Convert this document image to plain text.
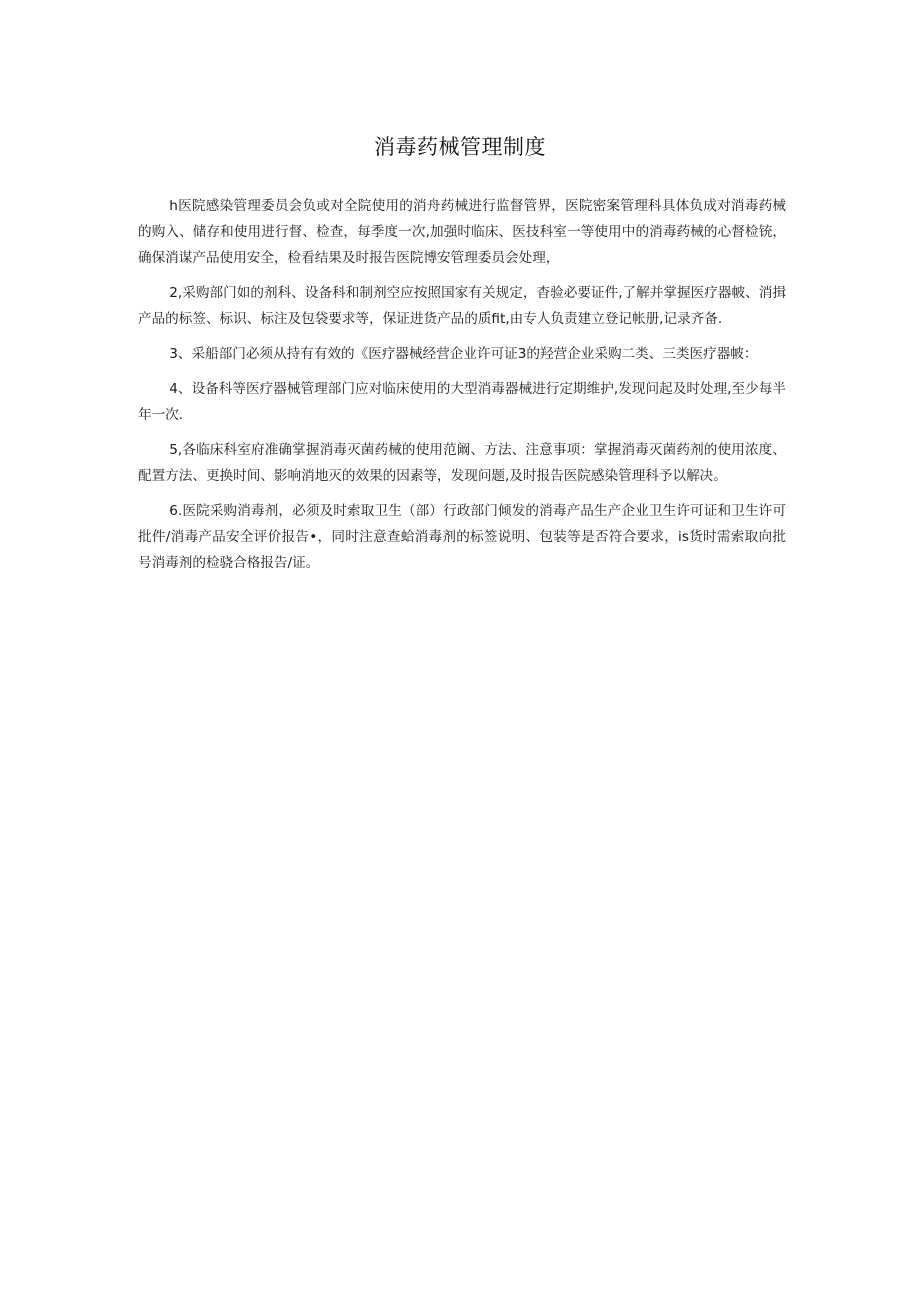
消毒药械管理制度

h医院感染管理委员会负或对全院使用的消舟药械进行监督管界，医院密案管理科具体负成对消毒药械的购入、储存和使用进行督、检查，每季度一次,加强时临床、医技科室一等使用中的消毒药械的心督检铳，确保消谋产品使用安全，检看结果及时报告医院博安管理委员会处理，

2,采购部门如的剂科、设备科和制剂空应按照国家有关规定，杳验必要证件,了解并掌握医疗器帔、消揖产品的标签、标识、标注及包袋要求等，保证进货产品的质fit,由专人负责建立登记帐册,记录齐备.

3、采船部门必须从持有有效的《医疗器械经营企业许可证3的羟营企业采购二类、三类医疗器帔：

4、设备科等医疗器械管理部门应对临床使用的大型消毒器械进行定期维护,发现问起及时处理,至少每半年一次.

5,各临床科室府准确掌握消毒灭菌药械的使用范阚、方法、注意事项：掌握消毒灭菌药剂的使用浓度、配置方法、更换时间、影响消地灭的效果的因素等，发现问题,及时报告医院感染管理科予以解决。

6.医院采购消毒剂，必须及时索取卫生（部）行政部门倾发的消毒产品生产企业卫生许可证和卫生许可批件/消毒产品安全评价报告•，同时注意查蛤消毒剂的标签说明、包装等是否符合要求，is货时需索取向批号消毒剂的检骁合格报告/证。
